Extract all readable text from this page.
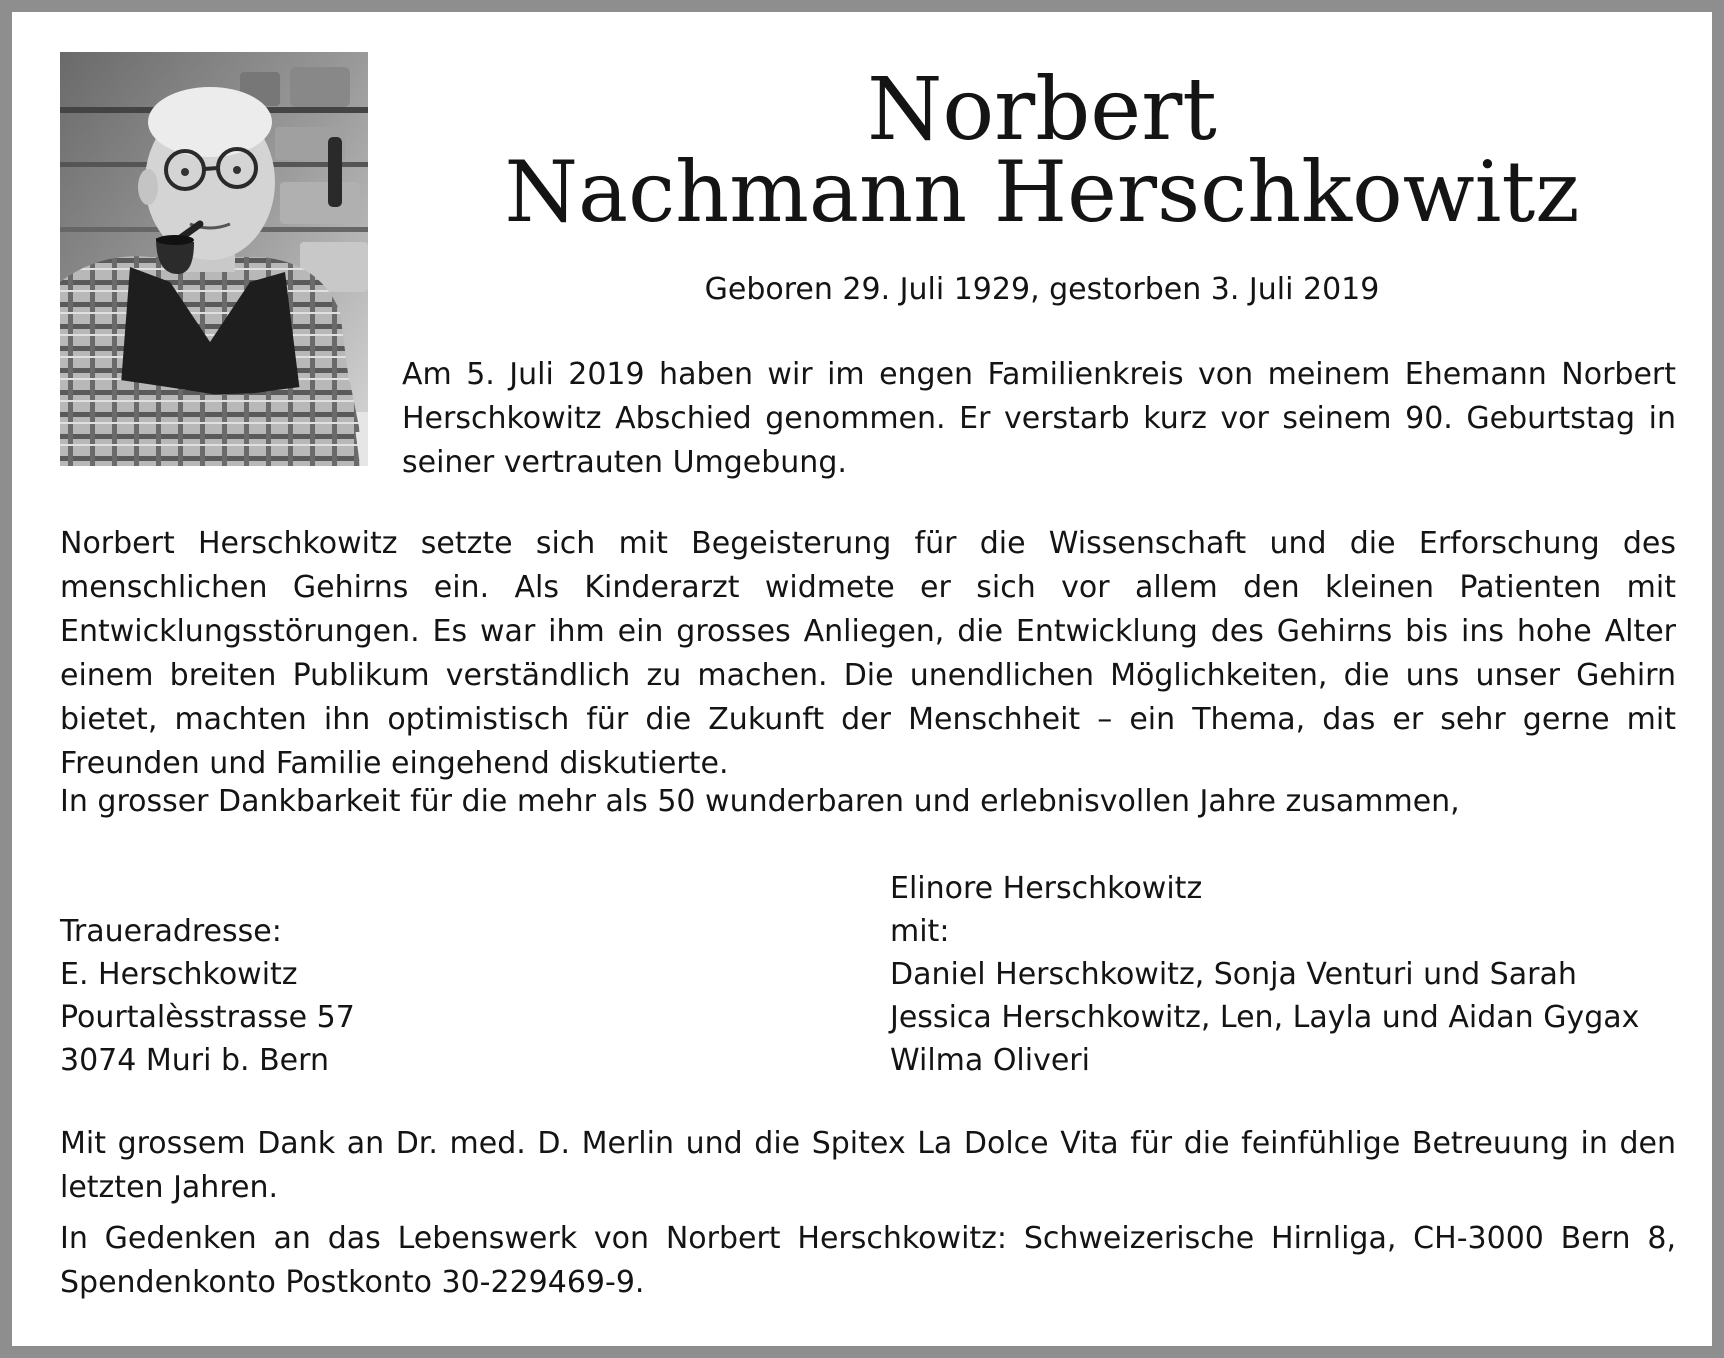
Norbert
Nachmann Herschkowitz
Geboren 29. Juli 1929, gestorben 3. Juli 2019

Am 5. Juli 2019 haben wir im engen Familienkreis von meinem Ehemann Norbert Herschkowitz Abschied genommen. Er verstarb kurz vor seinem 90. Geburtstag in seiner vertrauten Umgebung.

Norbert Herschkowitz setzte sich mit Begeisterung für die Wissenschaft und die Erforschung des menschlichen Gehirns ein. Als Kinderarzt widmete er sich vor allem den kleinen Patienten mit Entwicklungsstörungen. Es war ihm ein grosses Anliegen, die Entwicklung des Gehirns bis ins hohe Alter einem breiten Publikum verständlich zu machen. Die unendlichen Möglichkeiten, die uns unser Gehirn bietet, machten ihn optimistisch für die Zukunft der Menschheit – ein Thema, das er sehr gerne mit Freunden und Familie eingehend diskutierte.

In grosser Dankbarkeit für die mehr als 50 wunderbaren und erlebnisvollen Jahre zusammen,

Traueradresse:
E. Herschkowitz
Pourtalèsstrasse 57
3074 Muri b. Bern
Elinore Herschkowitz
mit:
Daniel Herschkowitz, Sonja Venturi und Sarah
Jessica Herschkowitz, Len, Layla und Aidan Gygax
Wilma Oliveri

Mit grossem Dank an Dr. med. D. Merlin und die Spitex La Dolce Vita für die feinfühlige Betreuung in den letzten Jahren.

In Gedenken an das Lebenswerk von Norbert Herschkowitz: Schweizerische Hirnliga, CH-3000 Bern 8, Spendenkonto Postkonto 30-229469-9.
